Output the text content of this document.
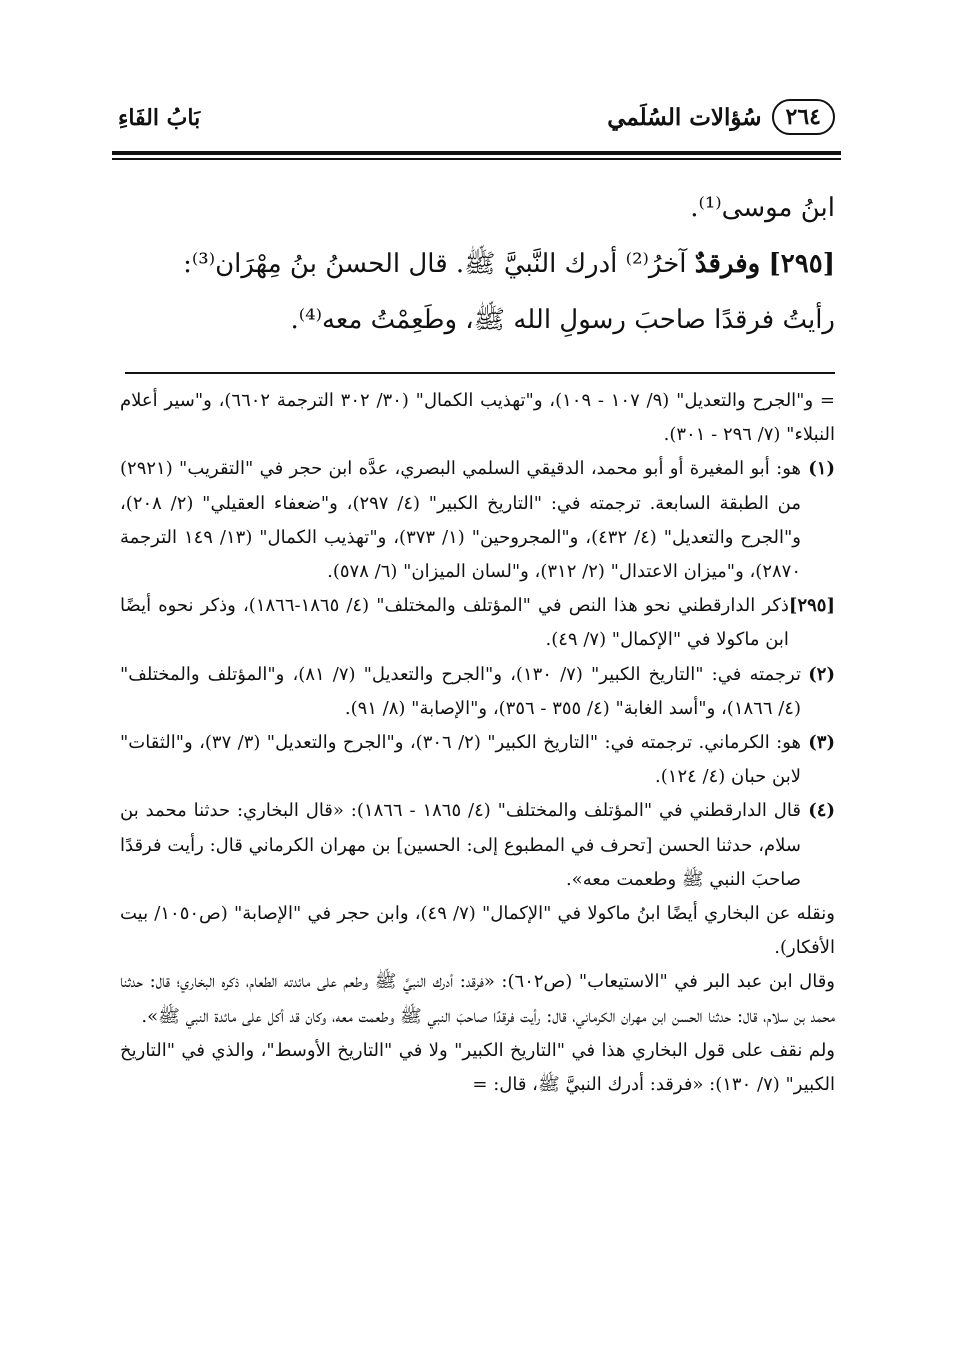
٢٦٤
سُؤالات السُلَمي
بَابُ الفَاءِ

ابنُ موسى⁽¹⁾.

[٢٩٥] وفرقدٌ آخرُ⁽²⁾ أدرك النَّبيَّ ﷺ. قال الحسنُ بنُ مِهْرَان⁽³⁾:

رأيتُ فرقدًا صاحبَ رسولِ الله ﷺ، وطَعِمْتُ معه⁽⁴⁾.

= و"الجرح والتعديل" (٩/ ١٠٧ - ١٠٩)، و"تهذيب الكمال" (٣٠/ ٣٠٢ الترجمة ٦٦٠٢)، و"سير أعلام النبلاء" (٧/ ٢٩٦ - ٣٠١).
(١)
هو: أبو المغيرة أو أبو محمد، الدقيقي السلمي البصري، عدَّه ابن حجر في "التقريب" (٢٩٢١) من الطبقة السابعة. ترجمته في: "التاريخ الكبير" (٤/ ٢٩٧)، و"ضعفاء العقيلي" (٢/ ٢٠٨)، و"الجرح والتعديل" (٤/ ٤٣٢)، و"المجروحين" (١/ ٣٧٣)، و"تهذيب الكمال" (١٣/ ١٤٩ الترجمة ٢٨٧٠)، و"ميزان الاعتدال" (٢/ ٣١٢)، و"لسان الميزان" (٦/ ٥٧٨).
[٢٩٥]
ذكر الدارقطني نحو هذا النص في "المؤتلف والمختلف" (٤/ ١٨٦٥-١٨٦٦)، وذكر نحوه أيضًا ابن ماكولا في "الإكمال" (٧/ ٤٩).
(٢)
ترجمته في: "التاريخ الكبير" (٧/ ١٣٠)، و"الجرح والتعديل" (٧/ ٨١)، و"المؤتلف والمختلف" (٤/ ١٨٦٦)، و"أسد الغابة" (٤/ ٣٥٥ - ٣٥٦)، و"الإصابة" (٨/ ٩١).
(٣)
هو: الكرماني. ترجمته في: "التاريخ الكبير" (٢/ ٣٠٦)، و"الجرح والتعديل" (٣/ ٣٧)، و"الثقات" لابن حبان (٤/ ١٢٤).
(٤)
قال الدارقطني في "المؤتلف والمختلف" (٤/ ١٨٦٥ - ١٨٦٦): «قال البخاري: حدثنا محمد بن سلام، حدثنا الحسن [تحرف في المطبوع إلى: الحسين] بن مهران الكرماني قال: رأيت فرقدًا صاحبَ النبي ﷺ وطعمت معه».
ونقله عن البخاري أيضًا ابنُ ماكولا في "الإكمال" (٧/ ٤٩)، وابن حجر في "الإصابة" (ص١٠٥٠/ بيت الأفكار).
وقال ابن عبد البر في "الاستيعاب" (ص٦٠٢): «فرقد: أدرك النبيَّ ﷺ وطعم على مائدته الطعام، ذكره البخاري؛ قال: حدثنا محمد بن سلام، قال: حدثنا الحسن ابن مهران الكرماني، قال: رأيت فرقدًا صاحبَ النبي ﷺ وطعمت معه، وكان قد أكل على مائدة النبي ﷺ».
ولم نقف على قول البخاري هذا في "التاريخ الكبير" ولا في "التاريخ الأوسط"، والذي في "التاريخ الكبير" (٧/ ١٣٠): «فرقد: أدرك النبيَّ ﷺ، قال: =
